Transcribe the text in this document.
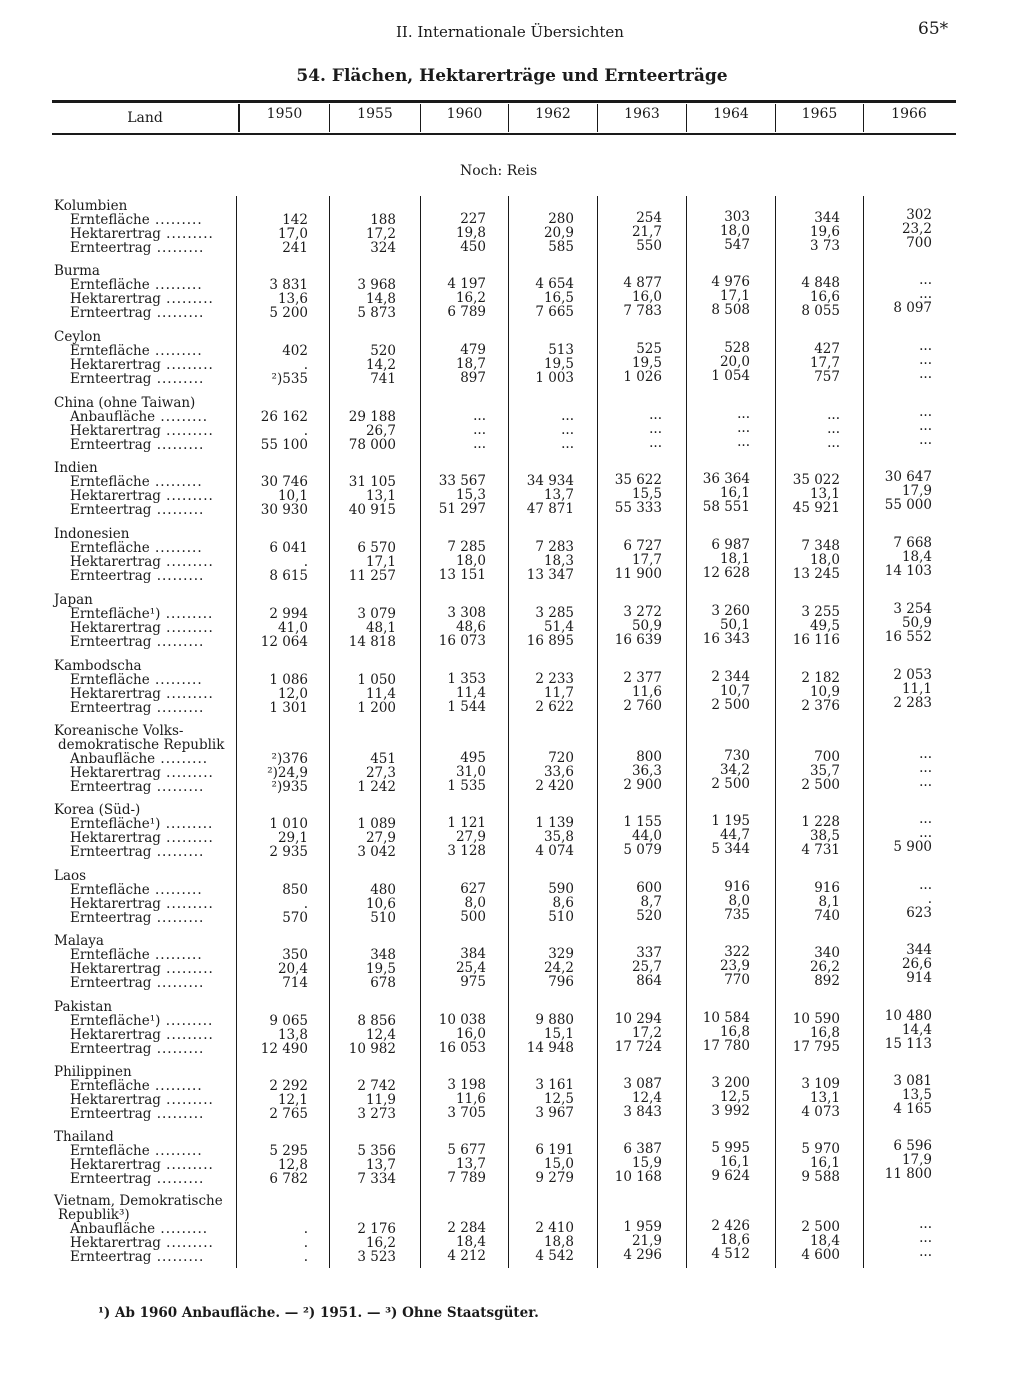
II. Internationale Übersichten	65*
54. Flächen, Hektarerträge und Ernteerträge
Land	1950	1955	1960	1962	1963	1964	1965	1966
Noch: Reis
Kolumbien
Erntefläche .........	142	188	227	280	254	303	344	302
Hektarertrag .........	17,0	17,2	19,8	20,9	21,7	18,0	19,6	23,2
Ernteertrag .........	241	324	450	585	550	547	3 73	700
Burma
Erntefläche .........	3 831	3 968	4 197	4 654	4 877	4 976	4 848	...
Hektarertrag .........	13,6	14,8	16,2	16,5	16,0	17,1	16,6	...
Ernteertrag .........	5 200	5 873	6 789	7 665	7 783	8 508	8 055	8 097
Ceylon
Erntefläche .........	402	520	479	513	525	528	427	...
Hektarertrag .........	.	14,2	18,7	19,5	19,5	20,0	17,7	...
Ernteertrag .........	²)535	741	897	1 003	1 026	1 054	757	...
China (ohne Taiwan)
Anbaufläche .........	26 162	29 188	...	...	...	...	...	...
Hektarertrag .........	.	26,7	...	...	...	...	...	...
Ernteertrag .........	55 100	78 000	...	...	...	...	...	...
Indien
Erntefläche .........	30 746	31 105	33 567	34 934	35 622	36 364	35 022	30 647
Hektarertrag .........	10,1	13,1	15,3	13,7	15,5	16,1	13,1	17,9
Ernteertrag .........	30 930	40 915	51 297	47 871	55 333	58 551	45 921	55 000
Indonesien
Erntefläche .........	6 041	6 570	7 285	7 283	6 727	6 987	7 348	7 668
Hektarertrag .........	.	17,1	18,0	18,3	17,7	18,1	18,0	18,4
Ernteertrag .........	8 615	11 257	13 151	13 347	11 900	12 628	13 245	14 103
Japan
Erntefläche¹) .........	2 994	3 079	3 308	3 285	3 272	3 260	3 255	3 254
Hektarertrag .........	41,0	48,1	48,6	51,4	50,9	50,1	49,5	50,9
Ernteertrag .........	12 064	14 818	16 073	16 895	16 639	16 343	16 116	16 552
Kambodscha
Erntefläche .........	1 086	1 050	1 353	2 233	2 377	2 344	2 182	2 053
Hektarertrag .........	12,0	11,4	11,4	11,7	11,6	10,7	10,9	11,1
Ernteertrag .........	1 301	1 200	1 544	2 622	2 760	2 500	2 376	2 283
Koreanische Volks-
demokratische Republik
Anbaufläche .........	²)376	451	495	720	800	730	700	...
Hektarertrag .........	²)24,9	27,3	31,0	33,6	36,3	34,2	35,7	...
Ernteertrag .........	²)935	1 242	1 535	2 420	2 900	2 500	2 500	...
Korea (Süd-)
Erntefläche¹) .........	1 010	1 089	1 121	1 139	1 155	1 195	1 228	...
Hektarertrag .........	29,1	27,9	27,9	35,8	44,0	44,7	38,5	...
Ernteertrag .........	2 935	3 042	3 128	4 074	5 079	5 344	4 731	5 900
Laos
Erntefläche .........	850	480	627	590	600	916	916	...
Hektarertrag .........	.	10,6	8,0	8,6	8,7	8,0	8,1	.
Ernteertrag .........	570	510	500	510	520	735	740	623
Malaya
Erntefläche .........	350	348	384	329	337	322	340	344
Hektarertrag .........	20,4	19,5	25,4	24,2	25,7	23,9	26,2	26,6
Ernteertrag .........	714	678	975	796	864	770	892	914
Pakistan
Erntefläche¹) .........	9 065	8 856	10 038	9 880	10 294	10 584	10 590	10 480
Hektarertrag .........	13,8	12,4	16,0	15,1	17,2	16,8	16,8	14,4
Ernteertrag .........	12 490	10 982	16 053	14 948	17 724	17 780	17 795	15 113
Philippinen
Erntefläche .........	2 292	2 742	3 198	3 161	3 087	3 200	3 109	3 081
Hektarertrag .........	12,1	11,9	11,6	12,5	12,4	12,5	13,1	13,5
Ernteertrag .........	2 765	3 273	3 705	3 967	3 843	3 992	4 073	4 165
Thailand
Erntefläche .........	5 295	5 356	5 677	6 191	6 387	5 995	5 970	6 596
Hektarertrag .........	12,8	13,7	13,7	15,0	15,9	16,1	16,1	17,9
Ernteertrag .........	6 782	7 334	7 789	9 279	10 168	9 624	9 588	11 800
Vietnam, Demokratische
Republik³)
Anbaufläche .........	.	2 176	2 284	2 410	1 959	2 426	2 500	...
Hektarertrag .........	.	16,2	18,4	18,8	21,9	18,6	18,4	...
Ernteertrag .........	.	3 523	4 212	4 542	4 296	4 512	4 600	...
¹) Ab 1960 Anbaufläche. — ²) 1951. — ³) Ohne Staatsgüter.
